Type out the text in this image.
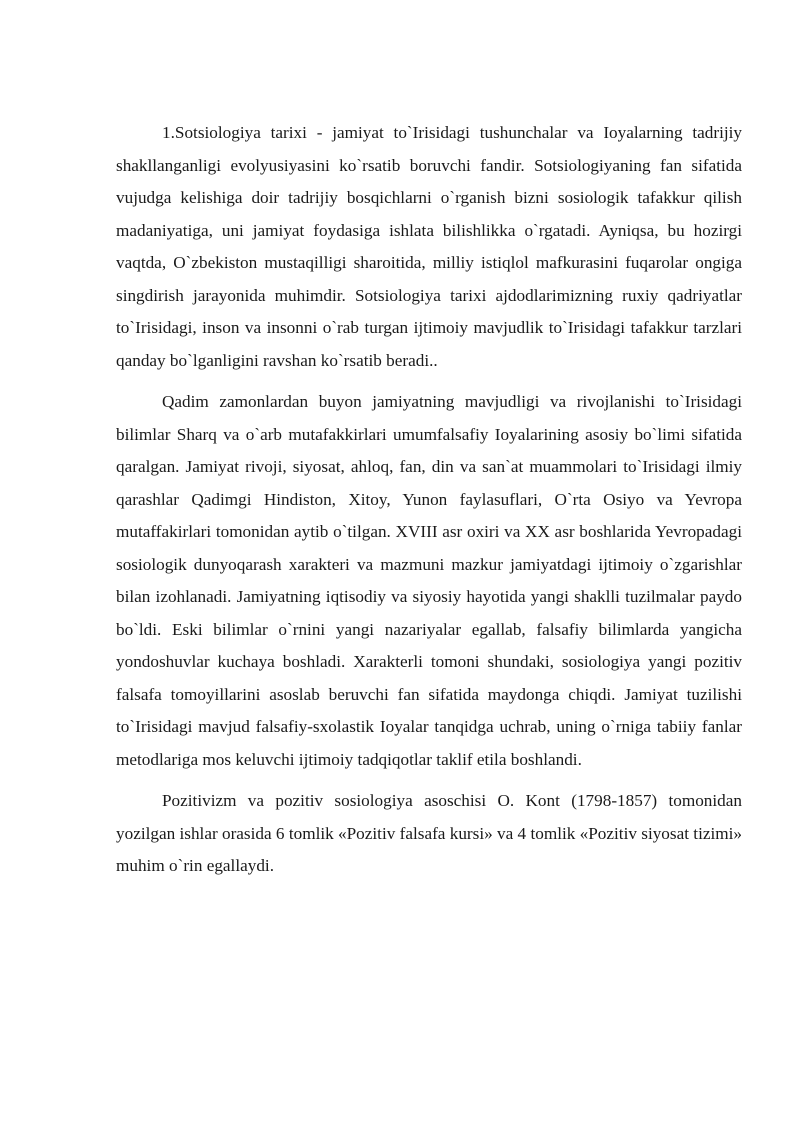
1.Sotsiologiya tarixi - jamiyat to`Irisidagi tushunchalar va Ioyalarning tadrijiy shakllanganligi evolyusiyasini ko`rsatib boruvchi fandir. Sotsiologiyaning fan sifatida vujudga kelishiga doir tadrijiy bosqichlarni o`rganish bizni sosiologik tafakkur qilish madaniyatiga, uni jamiyat foydasiga ishlata bilishlikka o`rgatadi. Ayniqsa, bu hozirgi vaqtda, O`zbekiston mustaqilligi sharoitida, milliy istiqlol mafkurasini fuqarolar ongiga singdirish jarayonida muhimdir. Sotsiologiya tarixi ajdodlarimizning ruxiy qadriyatlar to`Irisidagi, inson va insonni o`rab turgan ijtimoiy mavjudlik to`Irisidagi tafakkur tarzlari qanday bo`lganligini ravshan ko`rsatib beradi..

Qadim zamonlardan buyon jamiyatning mavjudligi va rivojlanishi to`Irisidagi bilimlar Sharq va o`arb mutafakkirlari umumfalsafiy Ioyalarining asosiy bo`limi sifatida qaralgan. Jamiyat rivoji, siyosat, ahloq, fan, din va san`at muammolari to`Irisidagi ilmiy qarashlar Qadimgi Hindiston, Xitoy, Yunon faylasuflari, O`rta Osiyo va Yevropa mutaffakirlari tomonidan aytib o`tilgan. XVIII asr oxiri va XX asr boshlarida Yevropadagi sosiologik dunyoqarash xarakteri va mazmuni mazkur jamiyatdagi ijtimoiy o`zgarishlar bilan izohlanadi. Jamiyatning iqtisodiy va siyosiy hayotida yangi shaklli tuzilmalar paydo bo`ldi. Eski bilimlar o`rnini yangi nazariyalar egallab, falsafiy bilimlarda yangicha yondoshuvlar kuchaya boshladi. Xarakterli tomoni shundaki, sosiologiya yangi pozitiv falsafa tomoyillarini asoslab beruvchi fan sifatida maydonga chiqdi. Jamiyat tuzilishi to`Irisidagi mavjud falsafiy-sxolastik Ioyalar tanqidga uchrab, uning o`rniga tabiiy fanlar metodlariga mos keluvchi ijtimoiy tadqiqotlar taklif etila boshlandi.

Pozitivizm va pozitiv sosiologiya asoschisi O. Kont (1798-1857) tomonidan yozilgan ishlar orasida 6 tomlik «Pozitiv falsafa kursi» va 4 tomlik «Pozitiv siyosat tizimi» muhim o`rin egallaydi.
